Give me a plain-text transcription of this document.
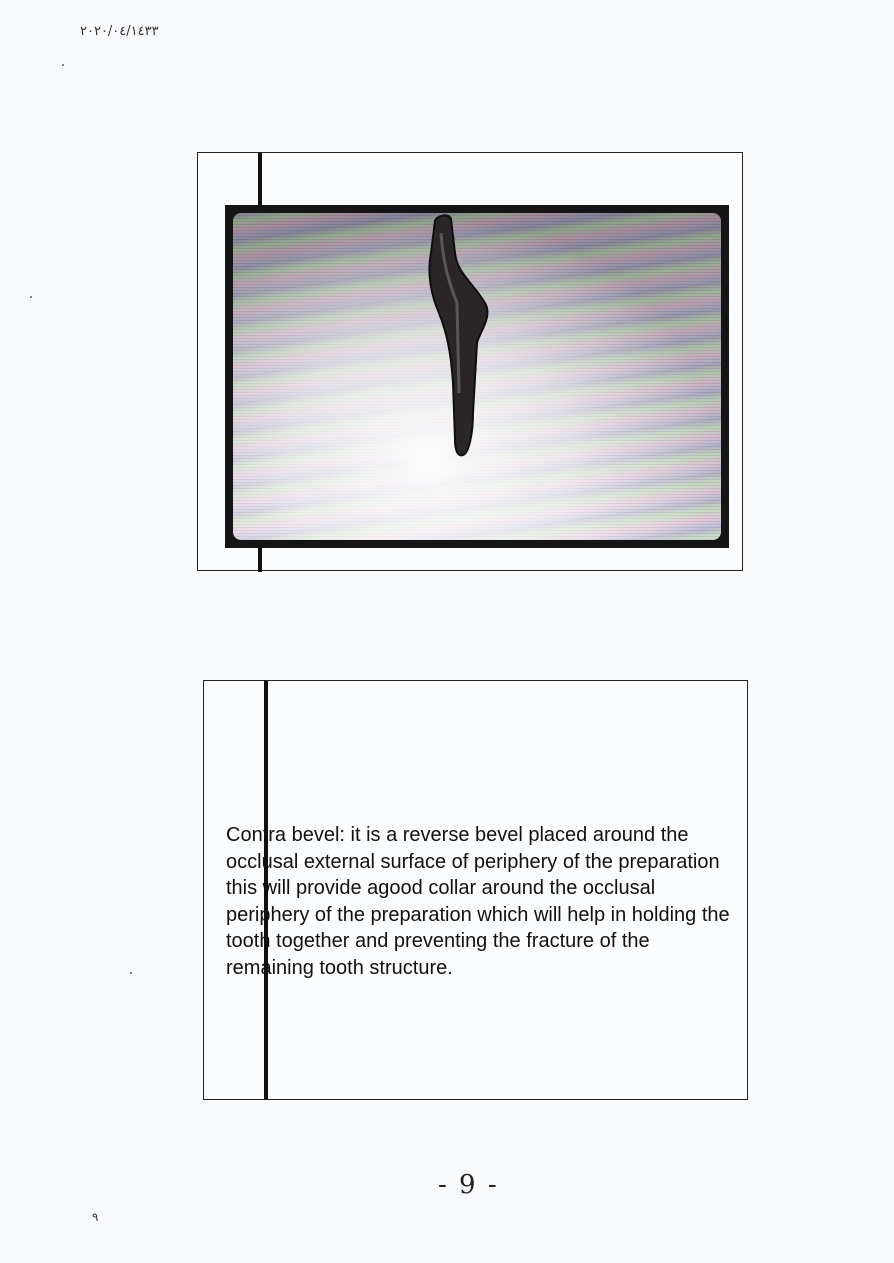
٢٠٢٠/٠٤/١٤٣٣
Contra bevel: it is a reverse bevel placed around the occlusal external surface of periphery of the preparation this will provide agood collar around the occlusal periphery of the preparation which will help in holding the tooth together and preventing the fracture of the remaining tooth structure.
- 9 -
٩
